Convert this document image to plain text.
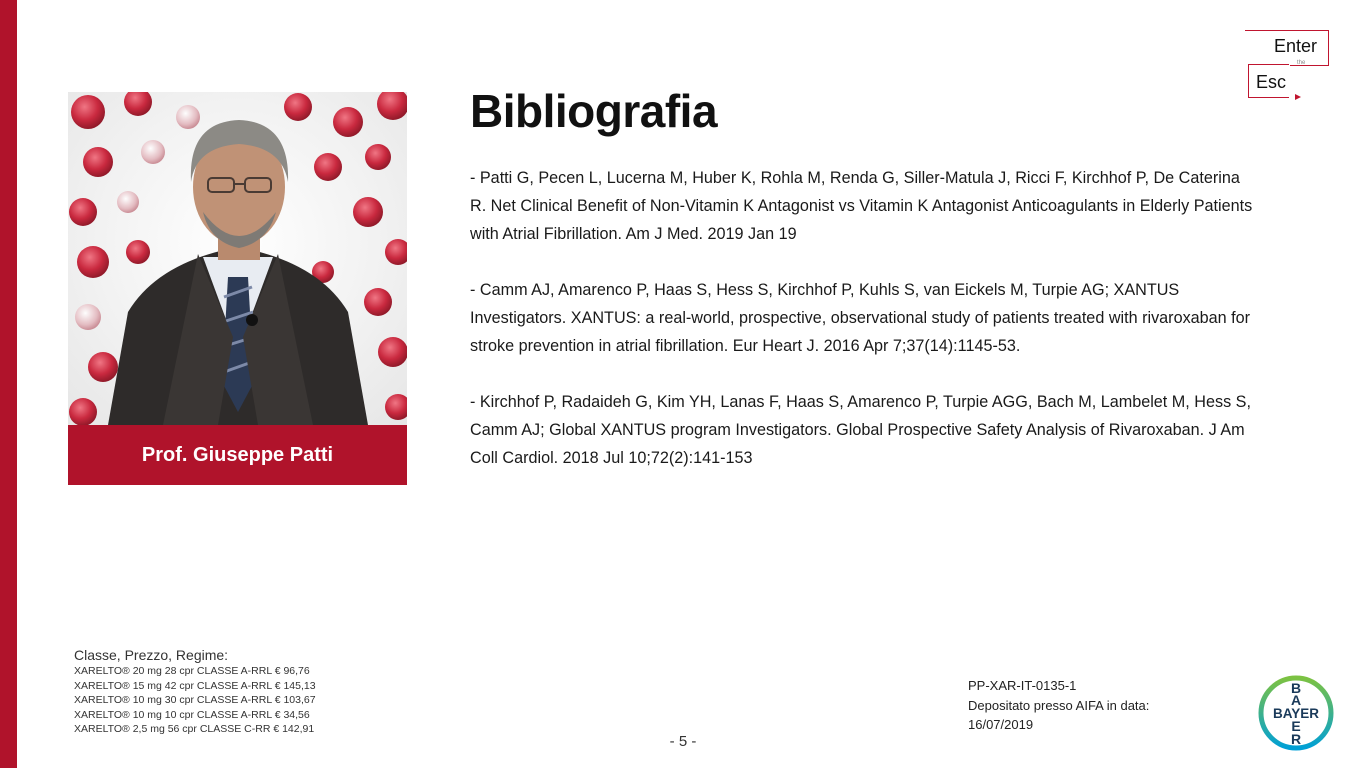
Prof. Giuseppe Patti
Bibliografia

- Patti G, Pecen L, Lucerna M, Huber K, Rohla M, Renda G, Siller-Matula J, Ricci F, Kirchhof P, De Caterina R. Net Clinical Benefit of Non-Vitamin K Antagonist vs Vitamin K Antagonist Anticoagulants in Elderly Patients with Atrial Fibrillation. Am J Med. 2019 Jan 19

- Camm AJ, Amarenco P, Haas S, Hess S, Kirchhof P, Kuhls S, van Eickels M, Turpie AG; XANTUS Investigators. XANTUS: a real-world, prospective, observational study of patients treated with rivaroxaban for stroke prevention in atrial fibrillation. Eur Heart J. 2016 Apr 7;37(14):1145-53.

- Kirchhof P, Radaideh G, Kim YH, Lanas F, Haas S, Amarenco P, Turpie AGG, Bach M, Lambelet M, Hess S, Camm AJ; Global XANTUS program Investigators. Global Prospective Safety Analysis of Rivaroxaban. J Am Coll Cardiol. 2018 Jul 10;72(2):141-153

Enter
the
Esc
Classe, Prezzo, Regime:
XARELTO® 20 mg 28 cpr CLASSE A-RRL € 96,76
XARELTO® 15 mg 42 cpr CLASSE A-RRL € 145,13
XARELTO® 10 mg 30 cpr CLASSE A-RRL € 103,67
XARELTO® 10 mg 10 cpr CLASSE A-RRL € 34,56
XARELTO® 2,5 mg 56 cpr CLASSE C-RR € 142,91
- 5 -
PP-XAR-IT-0135-1
Depositato presso AIFA in data:
16/07/2019
B
A
BAYER
E
R
